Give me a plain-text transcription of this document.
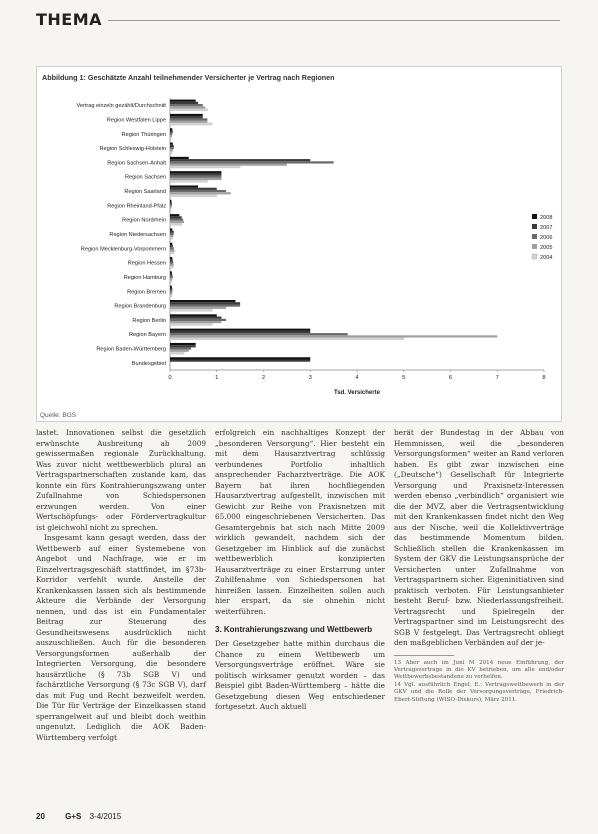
THEMA
Abbildung 1: Geschätzte Anzahl teilnehmender Versicherter je Vertrag nach Regionen
Vertrag einzeln gezählt/Durchschnitt
Region Westfalen Lippe
Region Thüringen
Region Schleswig-Holstein
Region Sachsen-Anhalt
Region Sachsen
Region Saarland
Region Rheinland-Pfalz
Region Nordrhein
Region Niedersachsen
Region Mecklenburg-Vorpommern
Region Hessen
Region Hamburg
Region Bremen
Region Brandenburg
Region Berlin
Region Bayern
Region Baden-Württemberg
Bundesgebiet
0	1	2	3	4	5	6	7	8
Tsd. Versicherte
2008
2007
2006
2005
2004
Quelle: BGS

lastet. Innovationen selbst die gesetzlich erwünschte Ausbreitung ab 2009 gewissermaßen regionale Zurückhaltung. Was zuvor nicht wettbewerblich plural an Vertragspartnerschaften zustande kam, das konnte ein fürs Kontrahierungszwang unter Zufallnahme von Schiedspersonen erzwungen werden. Von einer Wertschöpfungs- oder Fördervertragkultur ist gleichwohl nicht zu sprechen.

Insgesamt kann gesagt werden, dass der Wettbewerb auf einer Systemebene von Angebot und Nachfrage, wie er im Einzelvertragsgeschäft stattfindet, im §73b-Korridor verfehlt wurde. Anstelle der Krankenkassen lassen sich als bestimmende Akteure die Verbände der Versorgung nennen, und das ist ein Fundamentaler Beitrag zur Steuerung des Gesundheitswesens ausdrücklich nicht auszuschließen. Auch für die besonderen Versorgungsformen außerhalb der Integrierten Versorgung, die besondere hausärztliche (§ 73b SGB V) und fachärztliche Versorgung (§ 73c SGB V), darf das mit Fug und Recht bezweifelt werden. Die Tür für Verträge der Einzelkassen stand sperrangelweit auf und bleibt doch weithin ungenutzt. Lediglich die AOK Baden-Württemberg verfolgt

erfolgreich ein nachhaltiges Konzept der „besonderen Versorgung“. Hier besteht ein mit dem Hausarztvertrag schlüssig verbundenes Portfolio inhaltlich ansprechender Facharztverträge. Die AOK Bayern hat ihren hochfliegenden Hausarztvertrag aufgestellt, inzwischen mit Gewicht zur Reihe von Praxisnetzen mit 65.000 eingeschriebenen Versicherten. Das Gesamtergebnis hat sich nach Mitte 2009 wirklich gewandelt, nachdem sich der Gesetzgeber im Hinblick auf die zunächst wettbewerblich konzipierten Hausarztverträge zu einer Erstarrung unter Zuhilfenahme von Schiedspersonen hat hinreißen lassen. Einzelheiten sollen auch hier erspart, da sie ohnehin nicht weiterführen.

3. Kontrahierungszwang und Wettbewerb

Der Gesetzgeber hatte mithin durchaus die Chance zu einem Wettbewerb um Versorgungsverträge eröffnet. Wäre sie politisch wirksamer genutzt worden – das Beispiel gibt Baden-Württemberg – hätte die Gesetzgebung diesen Weg entschiedener fortgesetzt. Auch aktuell

berät der Bundestag in der Abbau von Hemmnissen, weil die „besonderen Versorgungsformen“ weiter an Rand verloren haben. Es gibt zwar inzwischen eine („Deutsche“) Gesellschaft für Integrierte Versorgung und Praxisnetz-Interessen werden ebenso „verbindlich“ organisiert wie die der MVZ, aber die Vertragsentwicklung mit den Krankenkassen findet nicht den Weg aus der Nische, weil die Kollektivverträge das bestimmende Momentum bilden. Schließlich stellen die Krankenkassen im System der GKV die Leistungsansprüche der Versicherten unter Zufallnahme von Vertragspartnern sicher. Eigeninitiativen sind praktisch verboten. Für Leistungsanbieter besteht Beruf- bzw. Niederlassungsfreiheit. Vertragsrecht und Spielregeln der Vertragspartner sind im Leistungsrecht des SGB V festgelegt. Das Vertragsrecht obliegt den maßgeblichen Verbänden auf der je-

13 Aber auch im Juni M 2014 neue Einführung, der Vertragsvertrage in die KV betrieben, um alle und/oder Wettbewerbsbestandene zu verhelfen.

14 Vgl. ausführlich Engel, E.: Vertragswettbewerb in der GKV und die Rolle der Versorgungsverträge, Friedrich-Ebert-Stiftung (WISO-Diskurs), März 2011.

20	G+S 3-4/2015
